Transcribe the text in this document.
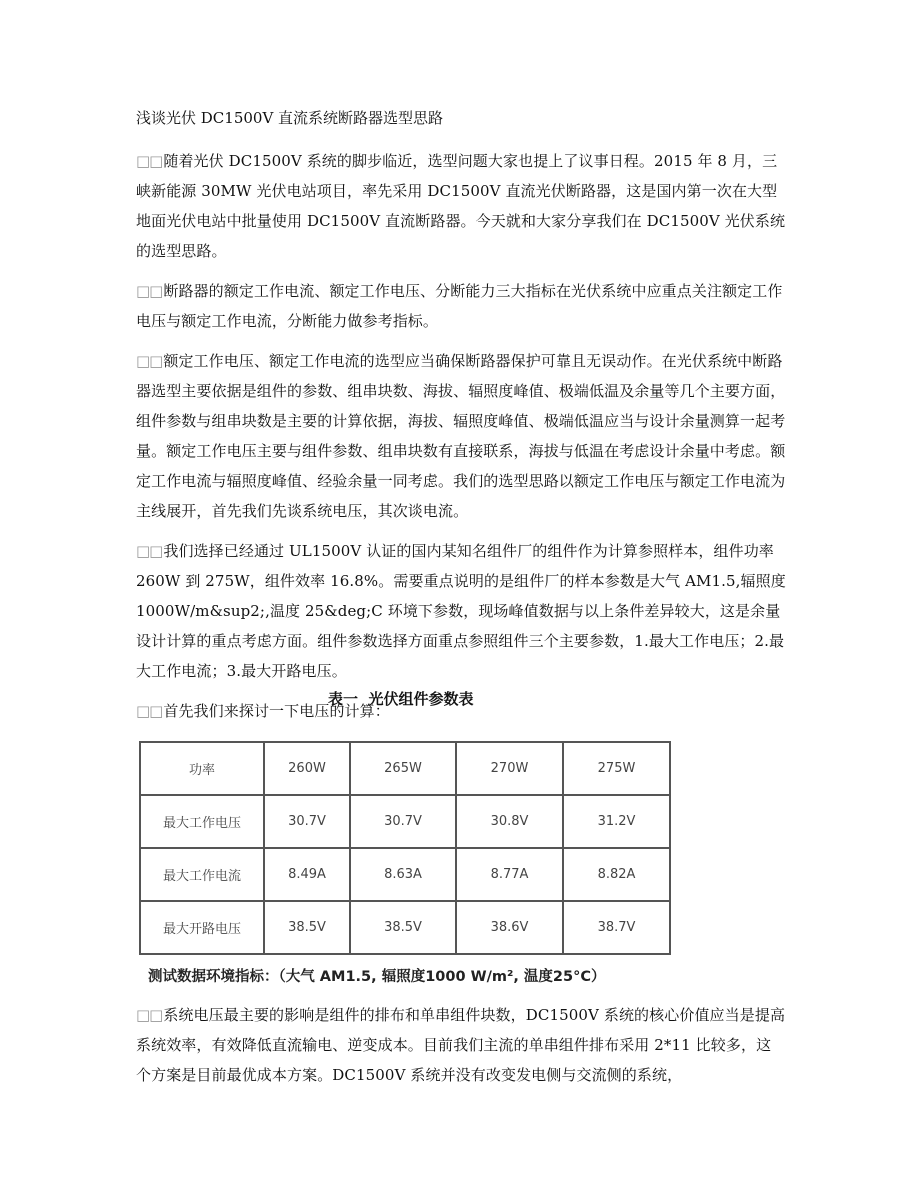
浅谈光伏 DC1500V 直流系统断路器选型思路

□□随着光伏 DC1500V 系统的脚步临近，选型问题大家也提上了议事日程。2015 年 8 月，三峡新能源 30MW 光伏电站项目，率先采用 DC1500V 直流光伏断路器，这是国内第一次在大型地面光伏电站中批量使用 DC1500V 直流断路器。今天就和大家分享我们在 DC1500V 光伏系统的选型思路。

□□断路器的额定工作电流、额定工作电压、分断能力三大指标在光伏系统中应重点关注额定工作电压与额定工作电流，分断能力做参考指标。

□□额定工作电压、额定工作电流的选型应当确保断路器保护可靠且无误动作。在光伏系统中断路器选型主要依据是组件的参数、组串块数、海拔、辐照度峰值、极端低温及余量等几个主要方面，组件参数与组串块数是主要的计算依据，海拔、辐照度峰值、极端低温应当与设计余量测算一起考量。额定工作电压主要与组件参数、组串块数有直接联系，海拔与低温在考虑设计余量中考虑。额定工作电流与辐照度峰值、经验余量一同考虑。我们的选型思路以额定工作电压与额定工作电流为主线展开，首先我们先谈系统电压，其次谈电流。

□□我们选择已经通过 UL1500V 认证的国内某知名组件厂的组件作为计算参照样本，组件功率 260W 到 275W，组件效率 16.8%。需要重点说明的是组件厂的样本参数是大气 AM1.5,辐照度 1000W/m&sup2;,温度 25&deg;C 环境下参数，现场峰值数据与以上条件差异较大，这是余量设计计算的重点考虑方面。组件参数选择方面重点参照组件三个主要参数，1.最大工作电压；2.最大工作电流；3.最大开路电压。

□□首先我们来探讨一下电压的计算：

表一  光伏组件参数表
功率	260W	265W	270W	275W
最大工作电压	30.7V	30.7V	30.8V	31.2V
最大工作电流	8.49A	8.63A	8.77A	8.82A
最大开路电压	38.5V	38.5V	38.6V	38.7V
测试数据环境指标：（大气 AM1.5, 辐照度1000 W/m², 温度25°C）

□□系统电压最主要的影响是组件的排布和单串组件块数，DC1500V 系统的核心价值应当是提高系统效率，有效降低直流输电、逆变成本。目前我们主流的单串组件排布采用 2*11 比较多，这个方案是目前最优成本方案。DC1500V 系统并没有改变发电侧与交流侧的系统，
